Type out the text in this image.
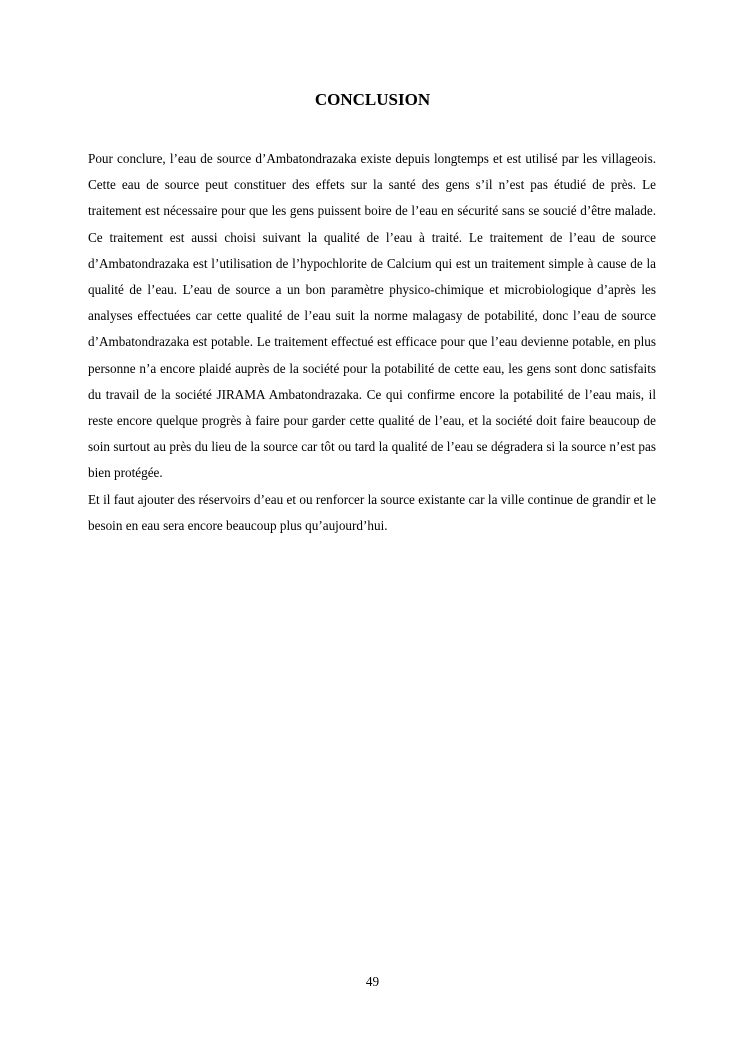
CONCLUSION

Pour conclure, l’eau de source d’Ambatondrazaka existe depuis longtemps et est utilisé par les villageois. Cette eau de source peut constituer des effets sur la santé des gens s’il n’est pas étudié de près. Le traitement est nécessaire pour que les gens puissent boire de l’eau en sécurité sans se soucié d’être malade. Ce traitement est aussi choisi suivant la qualité de l’eau à traité. Le traitement de l’eau de source d’Ambatondrazaka est l’utilisation de l’hypochlorite de Calcium qui est un traitement simple à cause de la qualité de l’eau. L’eau de source a un bon paramètre physico-chimique et microbiologique d’après les analyses effectuées car cette qualité de l’eau suit la norme malagasy de potabilité, donc l’eau de source d’Ambatondrazaka est potable. Le traitement effectué est efficace pour que l’eau devienne potable, en plus personne n’a encore plaidé auprès de la société pour la potabilité de cette eau, les gens sont donc satisfaits du travail de la société JIRAMA Ambatondrazaka. Ce qui confirme encore la potabilité de l’eau mais, il reste encore quelque progrès à faire pour garder cette qualité de l’eau, et la société doit faire beaucoup de soin surtout au près du lieu de la source car tôt ou tard la qualité de l’eau se dégradera si la source n’est pas bien protégée.

Et il faut ajouter des réservoirs d’eau et ou renforcer la source existante car la ville continue de grandir et le besoin en eau sera encore beaucoup plus qu’aujourd’hui.

49
